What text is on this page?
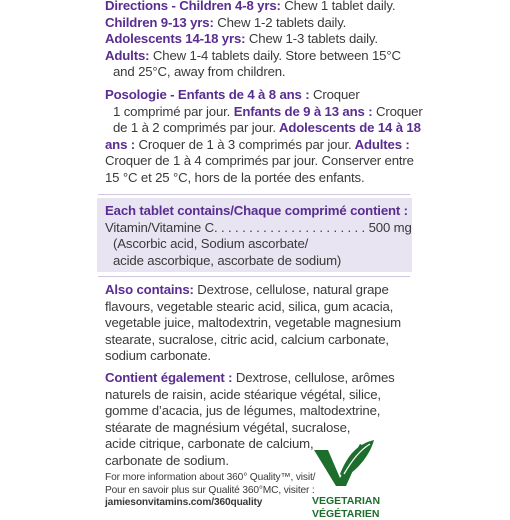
Directions - Children 4-8 yrs: Chew 1 tablet daily.
Children 9-13 yrs: Chew 1-2 tablets daily.
Adolescents 14-18 yrs: Chew 1-3 tablets daily.
Adults: Chew 1-4 tablets daily. Store between 15°C
and 25°C, away from children.
Posologie - Enfants de 4 à 8 ans : Croquer
1 comprimé par jour. Enfants de 9 à 13 ans : Croquer
de 1 à 2 comprimés par jour. Adolescents de 14 à 18
ans : Croquer de 1 à 3 comprimés par jour. Adultes :
Croquer de 1 à 4 comprimés par jour. Conserver entre
15 °C et 25 °C, hors de la portée des enfants.
Each tablet contains/Chaque comprimé contient :
Vitamin/Vitamine C. . . . . . . . . . . . . . . . . . . . . . 500 mg
(Ascorbic acid, Sodium ascorbate/
acide ascorbique, ascorbate de sodium)
Also contains: Dextrose, cellulose, natural grape
flavours, vegetable stearic acid, silica, gum acacia,
vegetable juice, maltodextrin, vegetable magnesium
stearate, sucralose, citric acid, calcium carbonate,
sodium carbonate.
Contient également : Dextrose, cellulose, arômes
naturels de raisin, acide stéarique végétal, silice,
gomme d’acacia, jus de légumes, maltodextrine,
stéarate de magnésium végétal, sucralose,
acide citrique, carbonate de calcium,
carbonate de sodium.
For more information about 360° Quality™, visit/
Pour en savoir plus sur Qualité 360°MC, visiter :
jamiesonvitamins.com/360quality	VEGETARIAN
VÉGÉTARIEN
